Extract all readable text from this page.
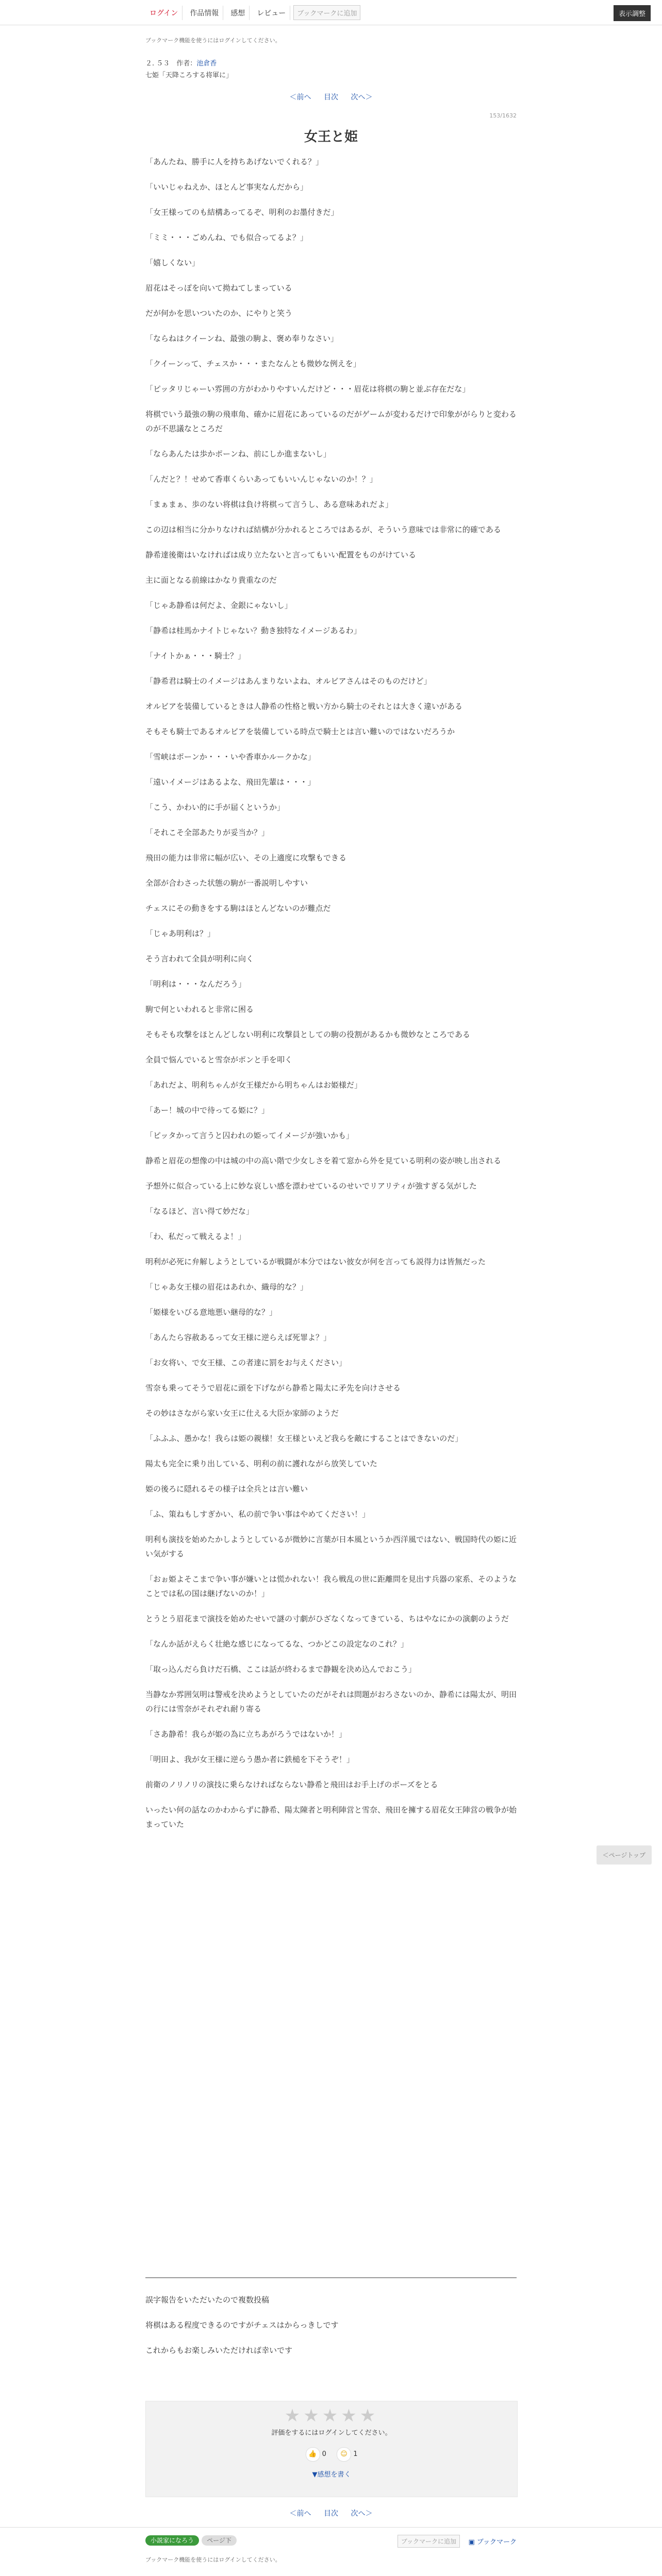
ログイン	作品情報	感想	レビュー	ブックマークに追加	表示調整
ブックマーク機能を使うにはログインしてください。
２. ５３　作者：池倉香
七姫「天降ころする将軍に」
＜前へ 目次 次へ＞
153/1632
女王と姫

「あんたね、勝手に人を持ちあげないでくれる？」

「いいじゃねえか、ほとんど事実なんだから」

「女王様ってのも結構あってるぞ、明利のお墨付きだ」

「ミミ・・・ごめんね、でも似合ってるよ？」

「嬉しくない」

眉花はそっぽを向いて拗ねてしまっている

だが何かを思いついたのか、にやりと笑う

「ならねはクイーンね、最強の駒よ、褒め奉りなさい」

「クイーンって、チェスか・・・またなんとも微妙な例えを」

「ピッタリじゃーい雰囲の方がわかりやすいんだけど・・・眉花は将棋の駒と並ぶ存在だな」

将棋でいう最強の駒の飛車角、確かに眉花にあっているのだがゲームが変わるだけで印象ががらりと変わるのが不思議なところだ

「ならあんたは歩かポーンね、前にしか進まないし」

「んだと？！せめて香車くらいあってもいいんじゃないのか！？」

「まぁまぁ、歩のない将棋は負け将棋って言うし、ある意味あれだよ」

この辺は相当に分かりなければ結構が分かれるところではあるが、そういう意味では非常に的確である

静希達後衛はいなければは成り立たないと言ってもいい配置をものがけている

主に面となる前線はかなり貴重なのだ

「じゃあ静希は何だよ、金銀にゃないし」

「静希は桂馬かナイトじゃない？動き独特なイメージあるわ」

「ナイトかぁ・・・騎士？」

「静希君は騎士のイメージはあんまりないよね、オルビアさんはそのものだけど」

オルビアを装備しているときは人静希の性格と戦い方から騎士のそれとは大きく違いがある

そもそも騎士であるオルビアを装備している時点で騎士とは言い難いのではないだろうか

「雪峡はポーンか・・・いや香車かルークかな」

「遠いイメージはあるよな、飛田先輩は・・・」

「こう、かわい的に手が届くというか」

「それこそ全部あたりが妥当か？」

飛田の能力は非常に幅が広い、その上適度に攻撃もできる

全部が合わさった状態の駒が一番説明しやすい

チェスにその動きをする駒はほとんどないのが難点だ

「じゃあ明利は？」

そう言われて全員が明利に向く

「明利は・・・なんだろう」

駒で何といわれると非常に困る

そもそも攻撃をほとんどしない明利に攻撃員としての駒の役割があるかも微妙なところである

全員で悩んでいると雪奈がポンと手を叩く

「あれだよ、明利ちゃんが女王様だから明ちゃんはお姫様だ」

「あー！城の中で待ってる姫に？」

「ピッタかって言うと囚われの姫ってイメージが強いかも」

静希と眉花の想像の中は城の中の高い階で少女しさを着て窓から外を見ている明利の姿が映し出される

予想外に似合っている上に妙な哀しい感を漂わせているのせいでリアリティが強すぎる気がした

「なるほど、言い得て妙だな」

「わ、私だって戦えるよ！」

明利が必死に弁解しようとしているが戦闘が本分ではない彼女が何を言っても説得力は皆無だった

「じゃあ女王様の眉花はあれか、織母的な？」

「姫様をいびる意地悪い継母的な？」

「あんたら容赦あるって女王様に逆らえば死罪よ？」

「お女将い、で女王様、この者達に罰をお与えください」

雪奈も乗ってそうで眉花に頭を下げながら静希と陽太に矛先を向けさせる

その妙はさながら家い女王に仕える大臣か家師のようだ

「ふふふ、愚かな！我らは姫の親様！女王様といえど我らを敵にすることはできないのだ」

陽太も完全に乗り出している、明利の前に護れながら放笑していた

姫の後ろに隠れるその様子は全兵とは言い難い

「ふ、策ねもしすぎかい、私の前で争い事はやめてください！」

明利も演技を始めたかしようとしているが微妙に言葉が日本風というか西洋風ではない、戦国時代の姫に近い気がする

「おぉ姫よそこまで争い事が嫌いとは慌かれない！我ら戦乱の世に距離問を見出す兵器の家系、そのようなことでは私の国は継げないのか！」

とうとう眉花まで演技を始めたせいで謎の寸劇がひざなくなってきている、ちはやなにかの演劇のようだ

「なんか話がえらく壮絶な感じになってるな、つかどこの設定なのこれ？」

「取っ込んだら負けだ石橋、ここは話が終わるまで静観を決め込んでおこう」

当静なか雰囲気明は警戒を決めようとしていたのだがそれは問題がおろさないのか、静希には陽太が、明田の行には雪奈がそれぞれ耐り寄る

「さあ静希！我らが姫の為に立ちあがろうではないか！」

「明田よ、我が女王様に逆らう愚か者に鉄槌を下そうぞ！」

前衛のノリノリの演技に乗らなければならない静希と飛田はお手上げのポーズをとる

いったい何の話なのかわからずに静希、陽太陳者と明利陣営と雪奈、飛田を擁する眉花女王陣営の戦争が始まっていた

誤字報告をいただいたので複数投稿

将棋はある程度できるのですがチェスはからっきしです

これからもお楽しみいただければ幸いです

★★★★★
評価をするにはログインしてください。
👍 0 ☺ 1
▼感想を書く
＜前へ 目次 次へ＞
小説家になろう ページ下	ブックマークに追加	▣ ブックマーク
ブックマーク機能を使うにはログインしてください。
＜ページトップ
